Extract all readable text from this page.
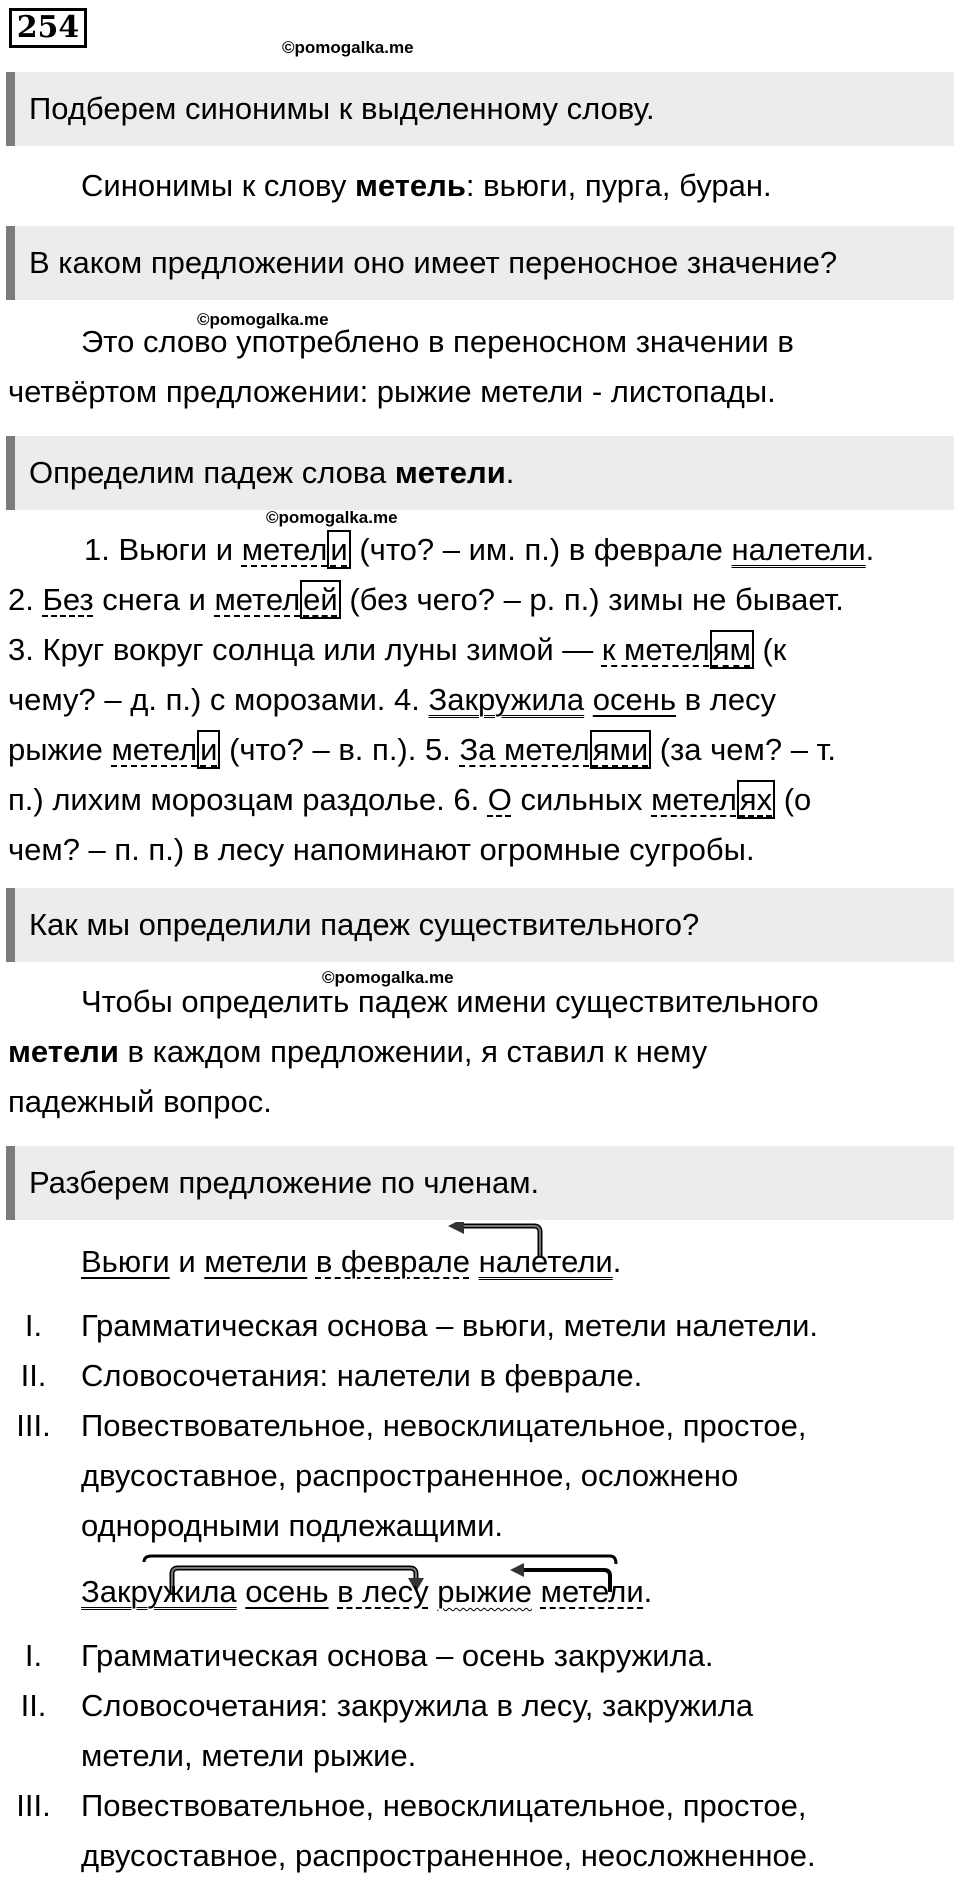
254
©pomogalka.me
Подберем синонимы к выделенному слову.
Синонимы к слову метель: вьюги, пурга, буран.
В каком предложении оно имеет переносное значение?
©pomogalka.me
Это слово употреблено в переносном значении в
четвёртом предложении: рыжие метели - листопады.
Определим падеж слова метели.
©pomogalka.me
1. Вьюги и метели (что? – им. п.) в феврале налетели.
2. Без снега и метелей (без чего? – р. п.) зимы не бывает.
3. Круг вокруг солнца или луны зимой — к метелям (к
чему? – д. п.) с морозами. 4. Закружила осень в лесу
рыжие метели (что? – в. п.). 5. За метелями (за чем? – т.
п.) лихим морозцам раздолье. 6. О сильных метелях (о
чем? – п. п.) в лесу напоминают огромные сугробы.
Как мы определили падеж существительного?
©pomogalka.me
Чтобы определить падеж имени существительного
метели в каждом предложении, я ставил к нему
падежный вопрос.
Разберем предложение по членам.
Вьюги и метели в феврале налетели.
I.	Грамматическая основа – вьюги, метели налетели.
II.	Словосочетания: налетели в феврале.
III. Повествовательное, невосклицательное, простое,
двусоставное, распространенное, осложнено
однородными подлежащими.
Закружила осень в лесу рыжие метели.
I.	Грамматическая основа – осень закружила.
II.	Словосочетания: закружила в лесу, закружила
метели, метели рыжие.
III. Повествовательное, невосклицательное, простое,
двусоставное, распространенное, неосложненное.
